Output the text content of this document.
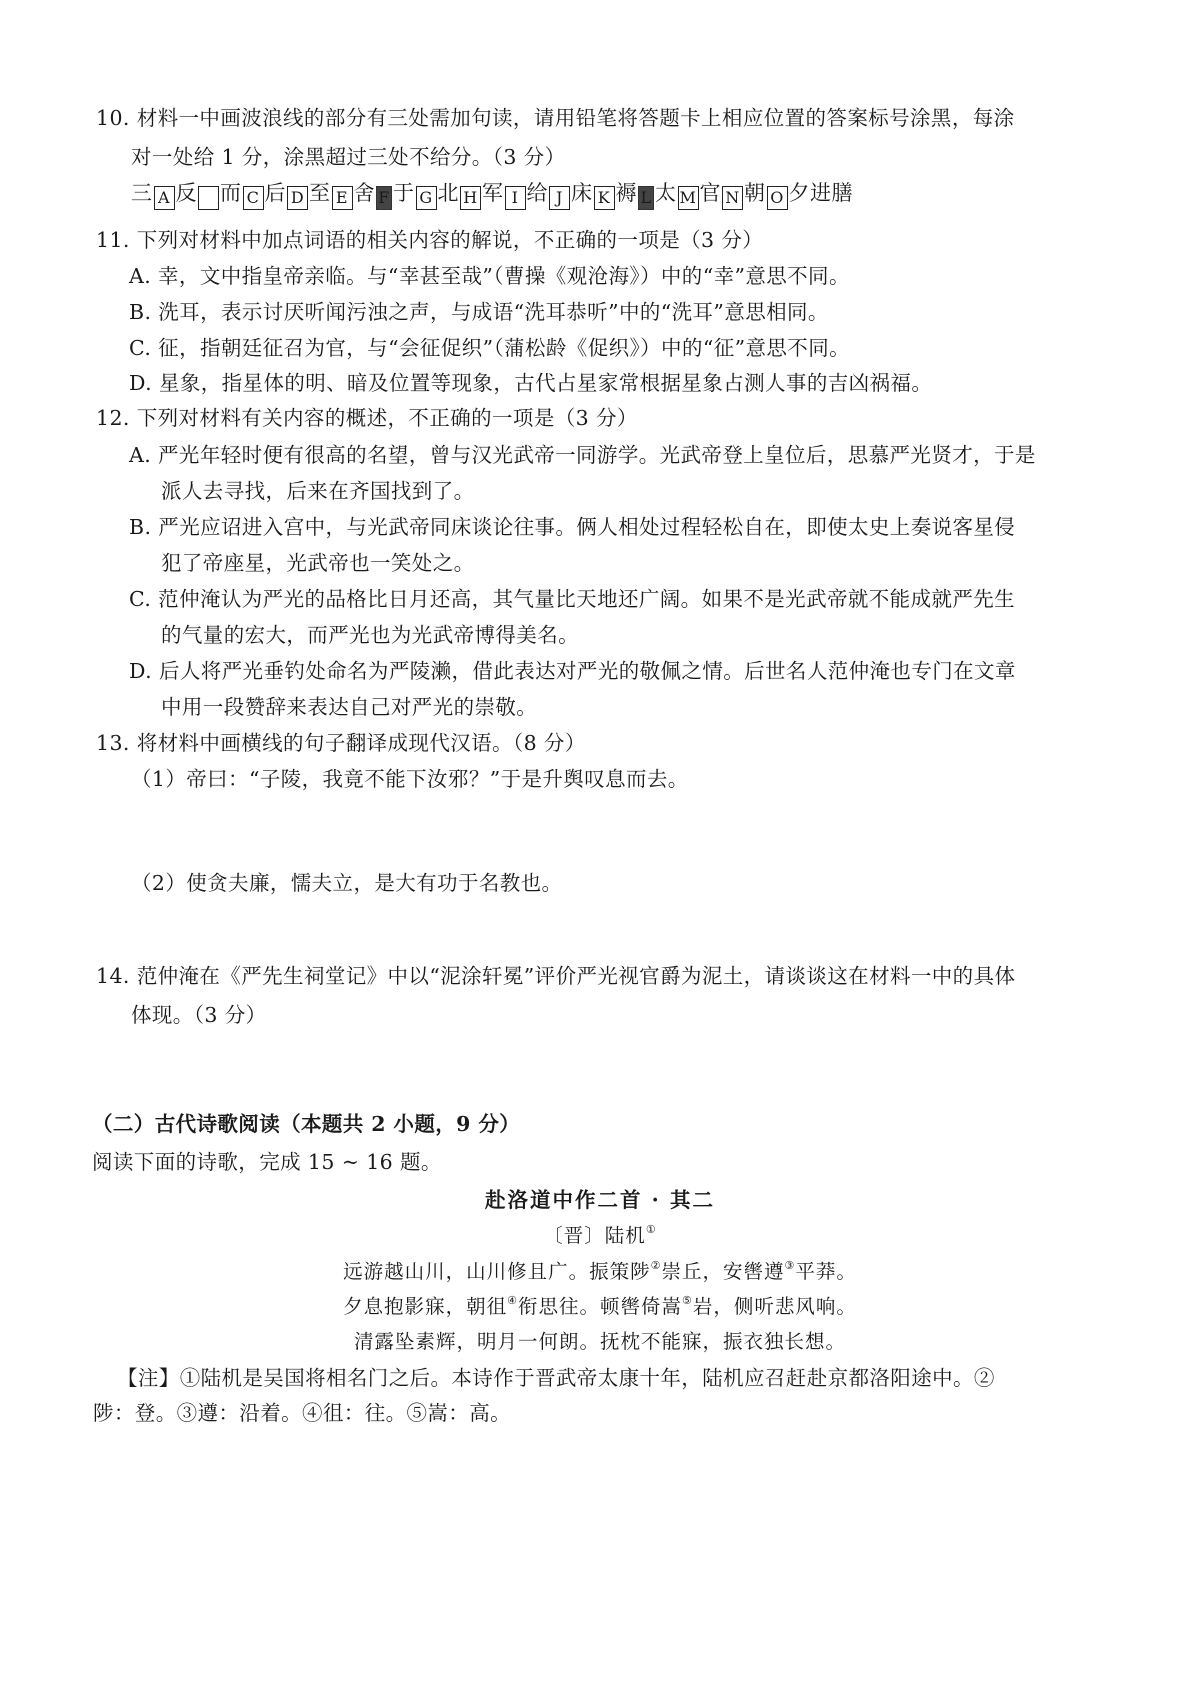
10. 材料一中画波浪线的部分有三处需加句读，请用铅笔将答题卡上相应位置的答案标号涂黑，每涂
对一处给 1 分，涂黑超过三处不给分。（3 分）
三 A 反 而 C 后 D 至 E 舍 F 于 G 北 H 军 I 给 J 床 K 褥 L 太 M 官 N 朝 O 夕进膳
11. 下列对材料中加点词语的相关内容的解说，不正确的一项是（3 分）
A. 幸，文中指皇帝亲临。与“幸甚至哉”（曹操《观沧海》）中的“幸”意思不同。
B. 洗耳，表示讨厌听闻污浊之声，与成语“洗耳恭听”中的“洗耳”意思相同。
C. 征，指朝廷征召为官，与“会征促织”（蒲松龄《促织》）中的“征”意思不同。
D. 星象，指星体的明、暗及位置等现象，古代占星家常根据星象占测人事的吉凶祸福。
12. 下列对材料有关内容的概述，不正确的一项是（3 分）
A. 严光年轻时便有很高的名望，曾与汉光武帝一同游学。光武帝登上皇位后，思慕严光贤才，于是
派人去寻找，后来在齐国找到了。
B. 严光应诏进入宫中，与光武帝同床谈论往事。俩人相处过程轻松自在，即使太史上奏说客星侵
犯了帝座星，光武帝也一笑处之。
C. 范仲淹认为严光的品格比日月还高，其气量比天地还广阔。如果不是光武帝就不能成就严先生
的气量的宏大，而严光也为光武帝博得美名。
D. 后人将严光垂钓处命名为严陵濑，借此表达对严光的敬佩之情。后世名人范仲淹也专门在文章
中用一段赞辞来表达自己对严光的崇敬。
13. 将材料中画横线的句子翻译成现代汉语。（8 分）
（1）帝曰：“子陵，我竟不能下汝邪？”于是升舆叹息而去。
（2）使贪夫廉，懦夫立，是大有功于名教也。
14. 范仲淹在《严先生祠堂记》中以“泥涂轩冕”评价严光视官爵为泥土，请谈谈这在材料一中的具体
体现。（3 分）
（二）古代诗歌阅读（本题共 2 小题，9 分）
阅读下面的诗歌，完成 15 ~ 16 题。
赴洛道中作二首 · 其二
〔晋〕陆机①
远游越山川，山川修且广。振策陟②崇丘，安辔遵③平莽。
夕息抱影寐，朝徂④衔思往。顿辔倚嵩⑤岩，侧听悲风响。
清露坠素辉，明月一何朗。抚枕不能寐，振衣独长想。
【注】①陆机是吴国将相名门之后。本诗作于晋武帝太康十年，陆机应召赶赴京都洛阳途中。②
陟：登。③遵：沿着。④徂：往。⑤嵩：高。
